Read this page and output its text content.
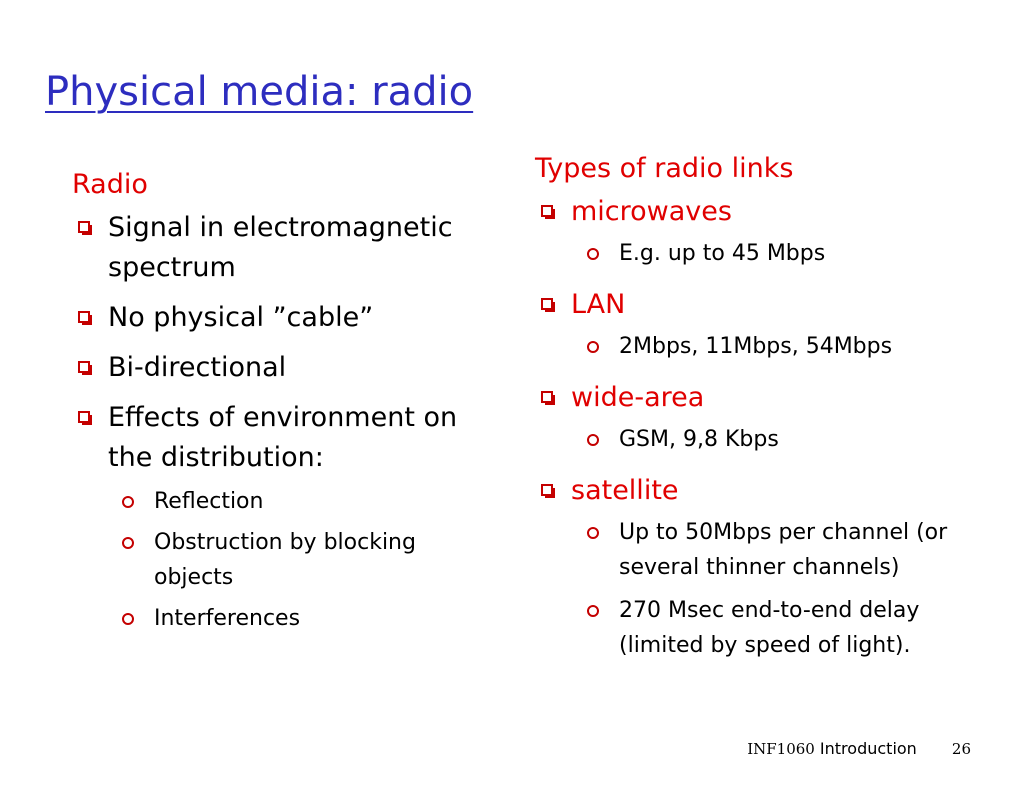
Physical media: radio
Radio
Signal in electromagnetic spectrum
No physical ”cable”
Bi-directional
Effects of environment on the distribution:
Reflection
Obstruction by blocking objects
Interferences
Types of radio links
microwaves
E.g. up to 45 Mbps
LAN
2Mbps, 11Mbps, 54Mbps
wide-area
GSM, 9,8 Kbps
satellite
Up to 50Mbps per channel (or several thinner channels)
270 Msec end-to-end delay (limited by speed of light).
INF1060 Introduction 26
